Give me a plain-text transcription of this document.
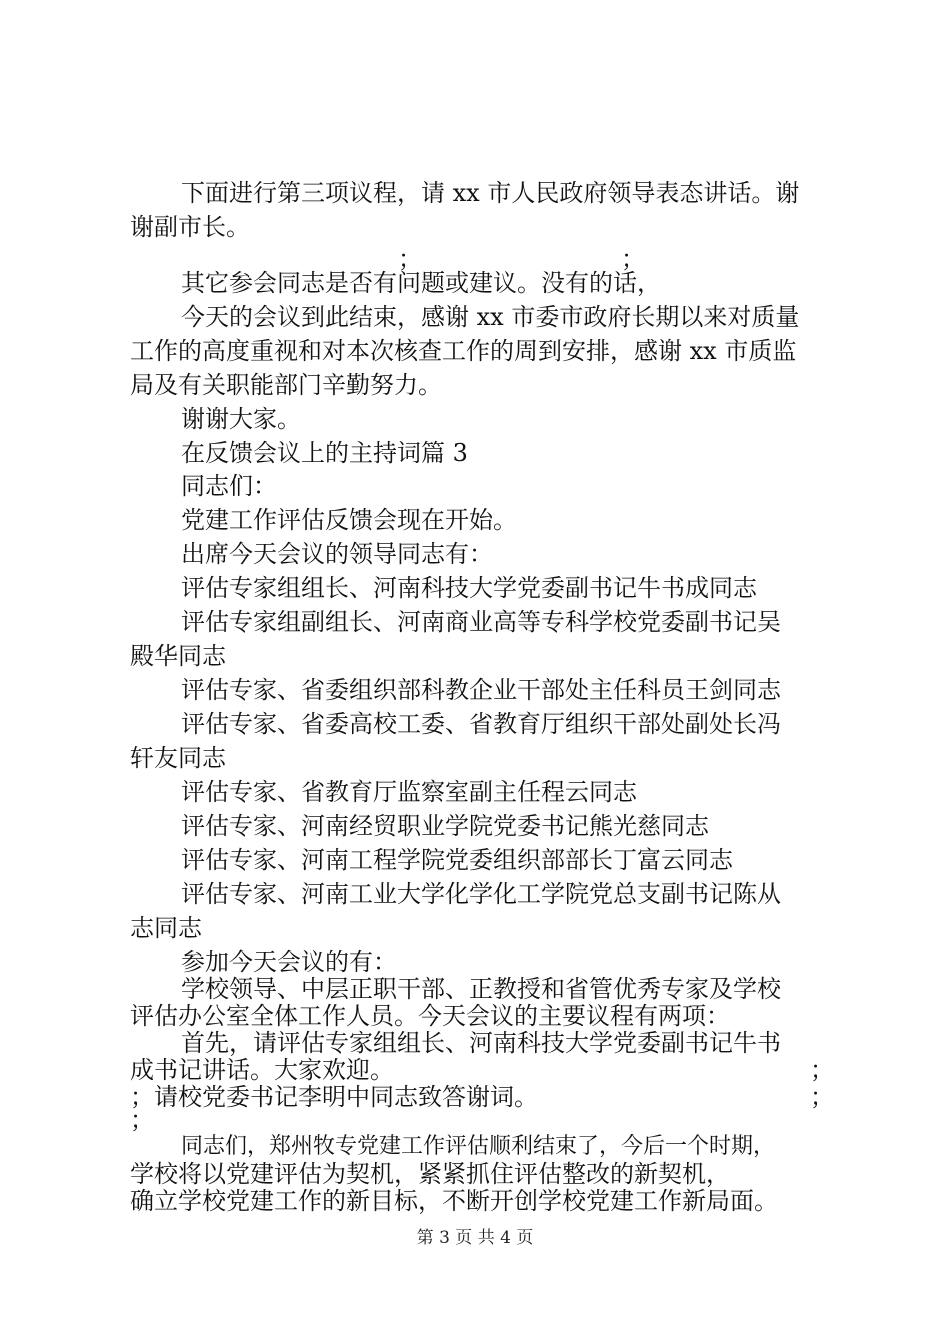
下面进行第三项议程，请 xx 市人民政府领导表态讲话。谢
谢副市长。
；	；
其它参会同志是否有问题或建议。没有的话，
今天的会议到此结束，感谢 xx 市委市政府长期以来对质量
工作的高度重视和对本次核查工作的周到安排，感谢 xx 市质监
局及有关职能部门辛勤努力。
谢谢大家。
在反馈会议上的主持词篇 3
同志们：
党建工作评估反馈会现在开始。
出席今天会议的领导同志有：
评估专家组组长、河南科技大学党委副书记牛书成同志
评估专家组副组长、河南商业高等专科学校党委副书记吴
殿华同志
评估专家、省委组织部科教企业干部处主任科员王剑同志
评估专家、省委高校工委、省教育厅组织干部处副处长冯
轩友同志
评估专家、省教育厅监察室副主任程云同志
评估专家、河南经贸职业学院党委书记熊光慈同志
评估专家、河南工程学院党委组织部部长丁富云同志
评估专家、河南工业大学化学化工学院党总支副书记陈从
志同志
参加今天会议的有：
学校领导、中层正职干部、正教授和省管优秀专家及学校
评估办公室全体工作人员。今天会议的主要议程有两项：
首先，请评估专家组组长、河南科技大学党委副书记牛书
成书记讲话。大家欢迎。	；
；请校党委书记李明中同志致答谢词。	；
；
同志们，郑州牧专党建工作评估顺利结束了，今后一个时期，
学校将以党建评估为契机，紧紧抓住评估整改的新契机，
确立学校党建工作的新目标，不断开创学校党建工作新局面。
第 3 页 共 4 页
